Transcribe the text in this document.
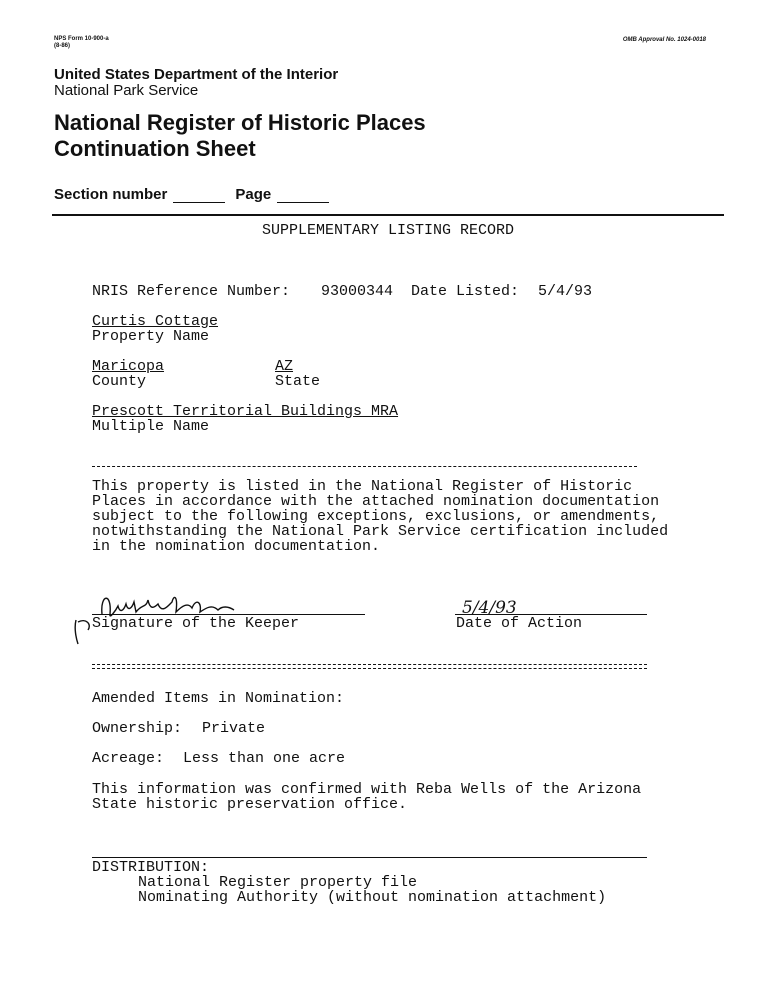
NPS Form 10-900-a
(8-86)
OMB Approval No. 1024-0018
United States Department of the Interior
National Park Service
National Register of Historic Places
Continuation Sheet
Section number	Page
SUPPLEMENTARY LISTING RECORD
NRIS Reference Number: 93000344 Date Listed: 5/4/93
Curtis Cottage
Property Name
Maricopa
County
AZ
State
Prescott Territorial Buildings MRA
Multiple Name
This property is listed in the National Register of Historic
Places in accordance with the attached nomination documentation
subject to the following exceptions, exclusions, or amendments,
notwithstanding the National Park Service certification included
in the nomination documentation.
Signature of the Keeper
5/4/93
Date of Action
Amended Items in Nomination:
Ownership: Private
Acreage: Less than one acre
This information was confirmed with Reba Wells of the Arizona
State historic preservation office.
DISTRIBUTION:
National Register property file
Nominating Authority (without nomination attachment)
